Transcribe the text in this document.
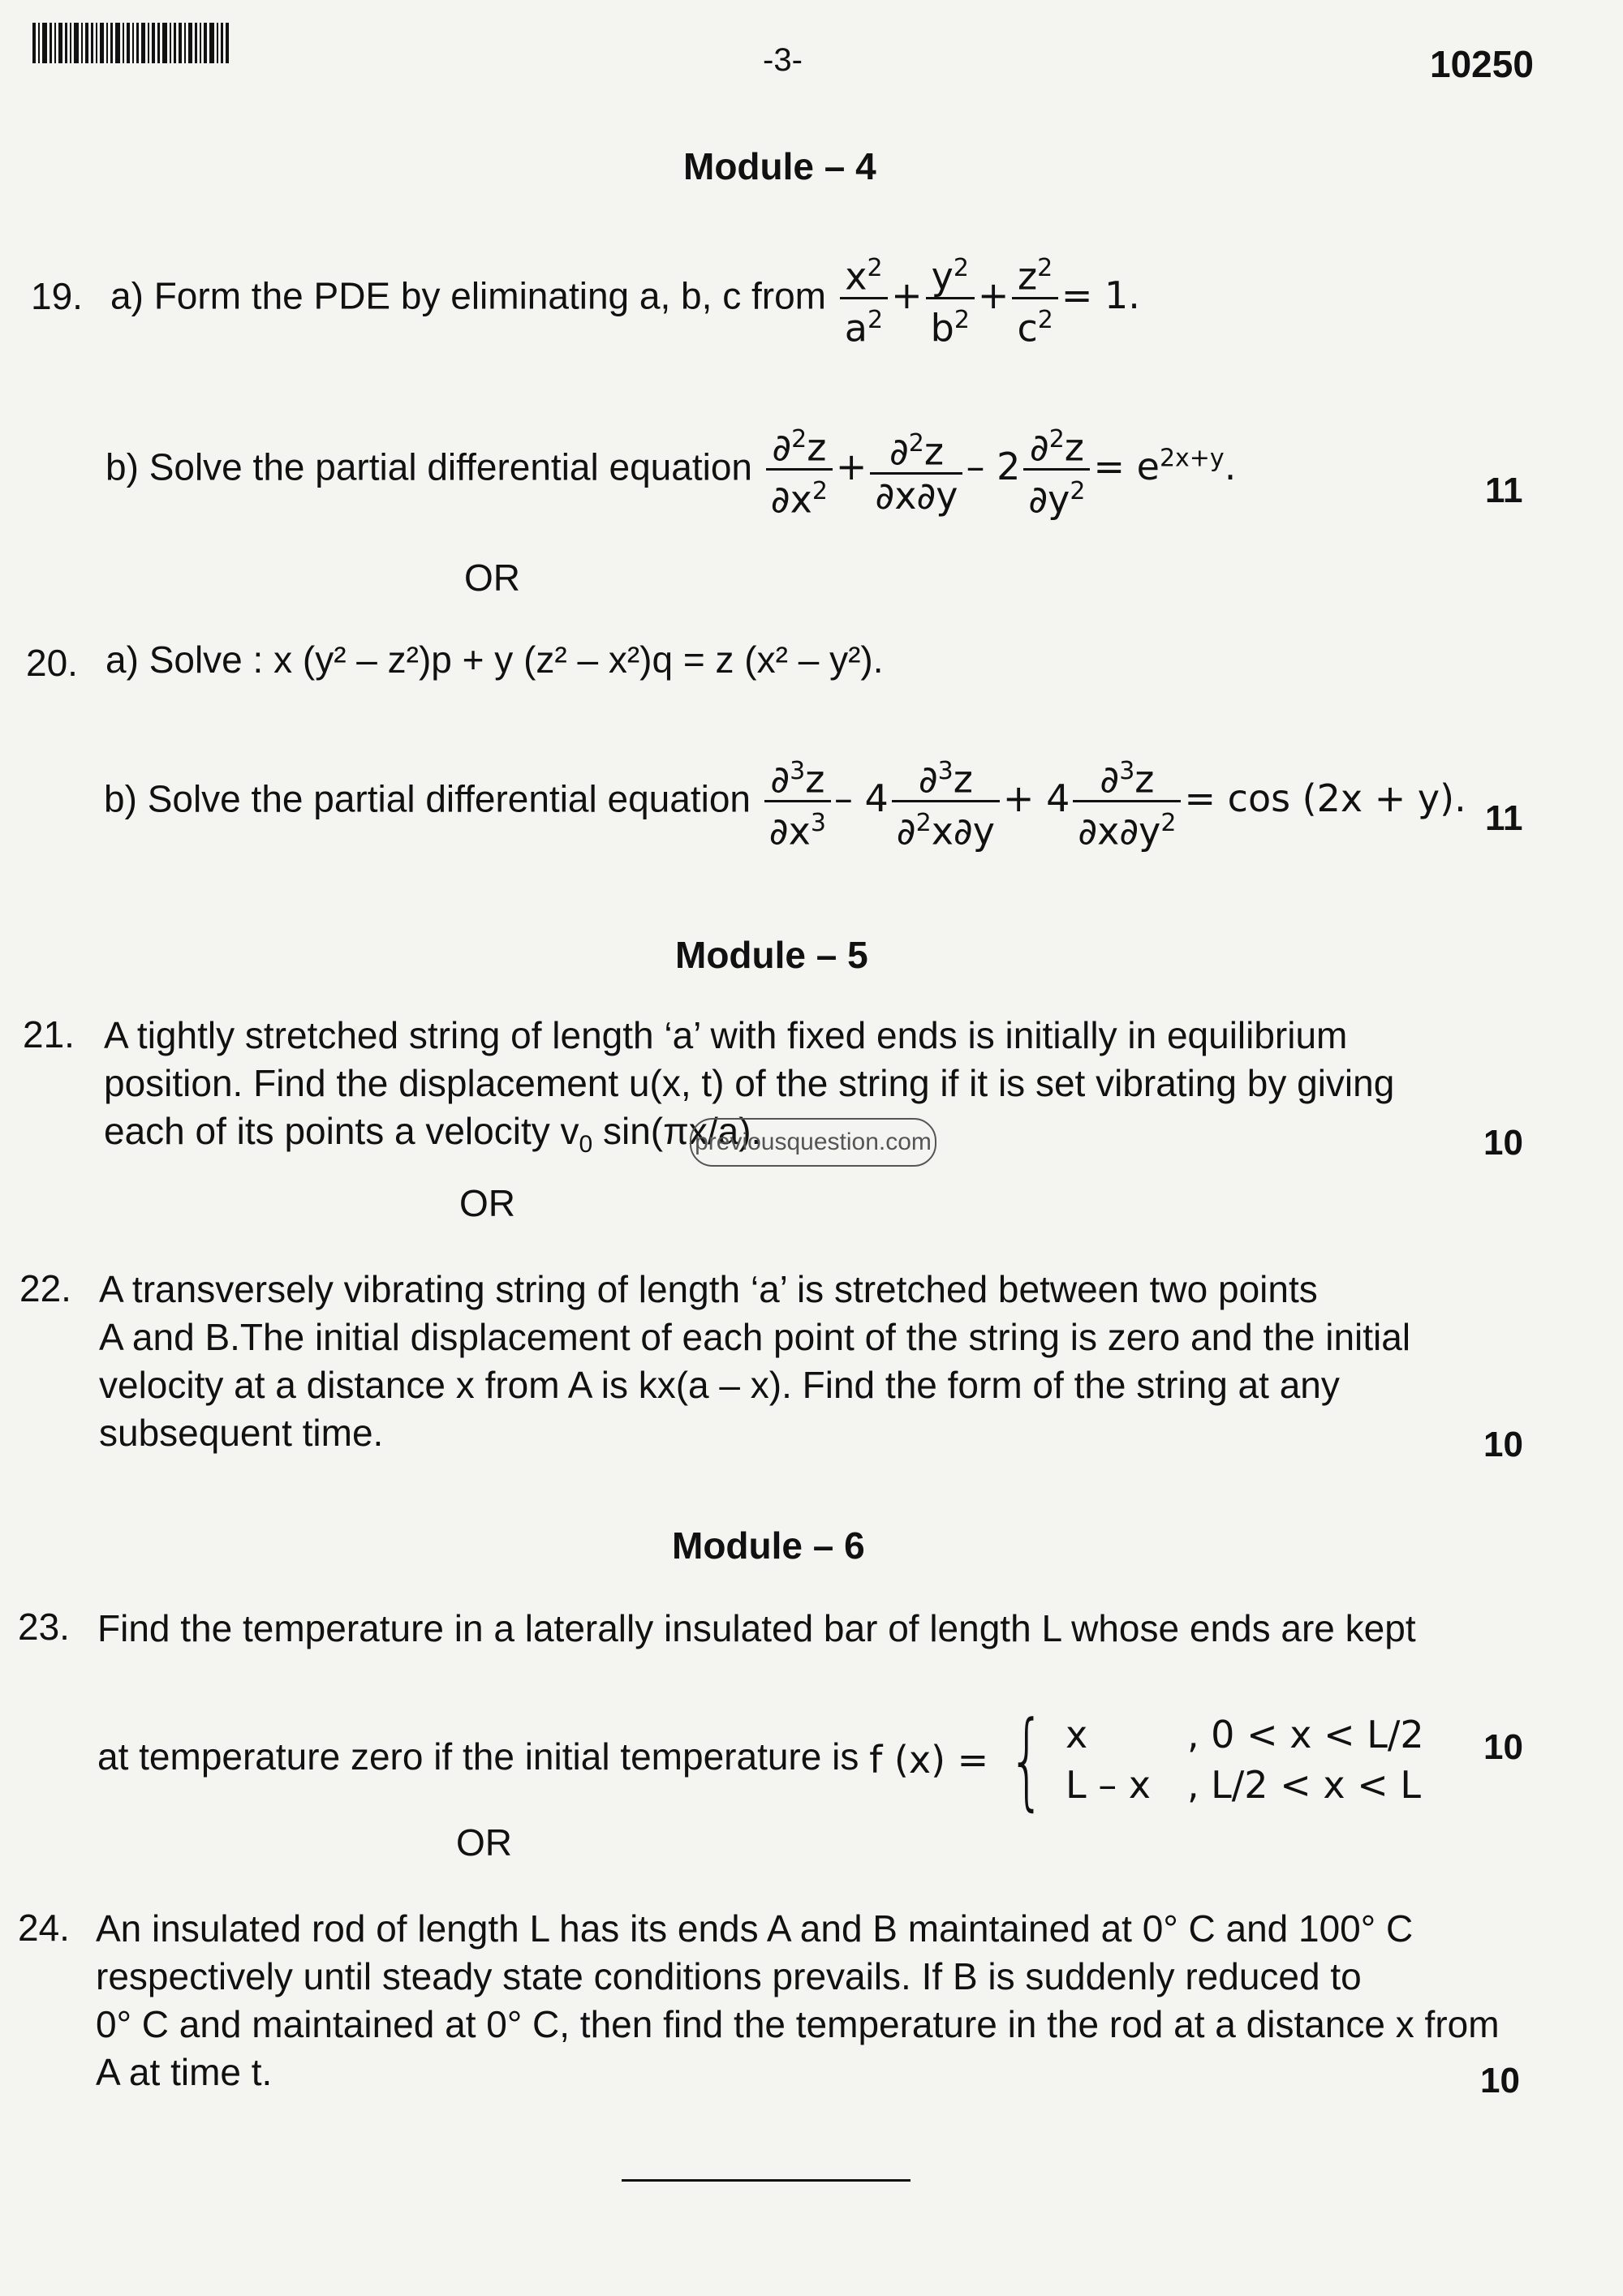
-3-	10250
Module – 4
19. a) Form the PDE by eliminating a, b, c from $\frac{x^2}{a^2} + \frac{y^2}{b^2} + \frac{z^2}{c^2} = 1$.
b) Solve the partial differential equation $\frac{\partial^2z}{\partial x^2} + \frac{\partial^2z}{\partial x\partial y} - 2 \frac{\partial^2z}{\partial y^2} = e^{2x+y}$.
11
OR
20. a) Solve : x (y² – z²)p + y (z² – x²)q = z (x² – y²).
b) Solve the partial differential equation $\frac{\partial^3z}{\partial x^3} - 4 \frac{\partial^3z}{\partial^2x\partial y} + 4 \frac{\partial^3z}{\partial x\partial y^2} = \cos (2x + y)$. 11
Module – 5
21. A tightly stretched string of length ‘a’ with fixed ends is initially in equilibrium
position. Find the displacement u(x, t) of the string if it is set vibrating by giving
each of its points a velocity $v_0$ sin(πx/a).
previousquestion.com	10
OR
22. A transversely vibrating string of length ‘a’ is stretched between two points
A and B.The initial displacement of each point of the string is zero and the initial
velocity at a distance x from A is kx(a – x). Find the form of the string at any
subsequent time.	10
Module – 6
23. Find the temperature in a laterally insulated bar of length L whose ends are kept
at temperature zero if the initial temperature is f (x) = { x	, 0 < x < L/2
L – x , L/2 < x < L
10
OR
24. An insulated rod of length L has its ends A and B maintained at 0° C and 100° C
respectively until steady state conditions prevails. If B is suddenly reduced to
0° C and maintained at 0° C, then find the temperature in the rod at a distance x from
A at time t.	10
